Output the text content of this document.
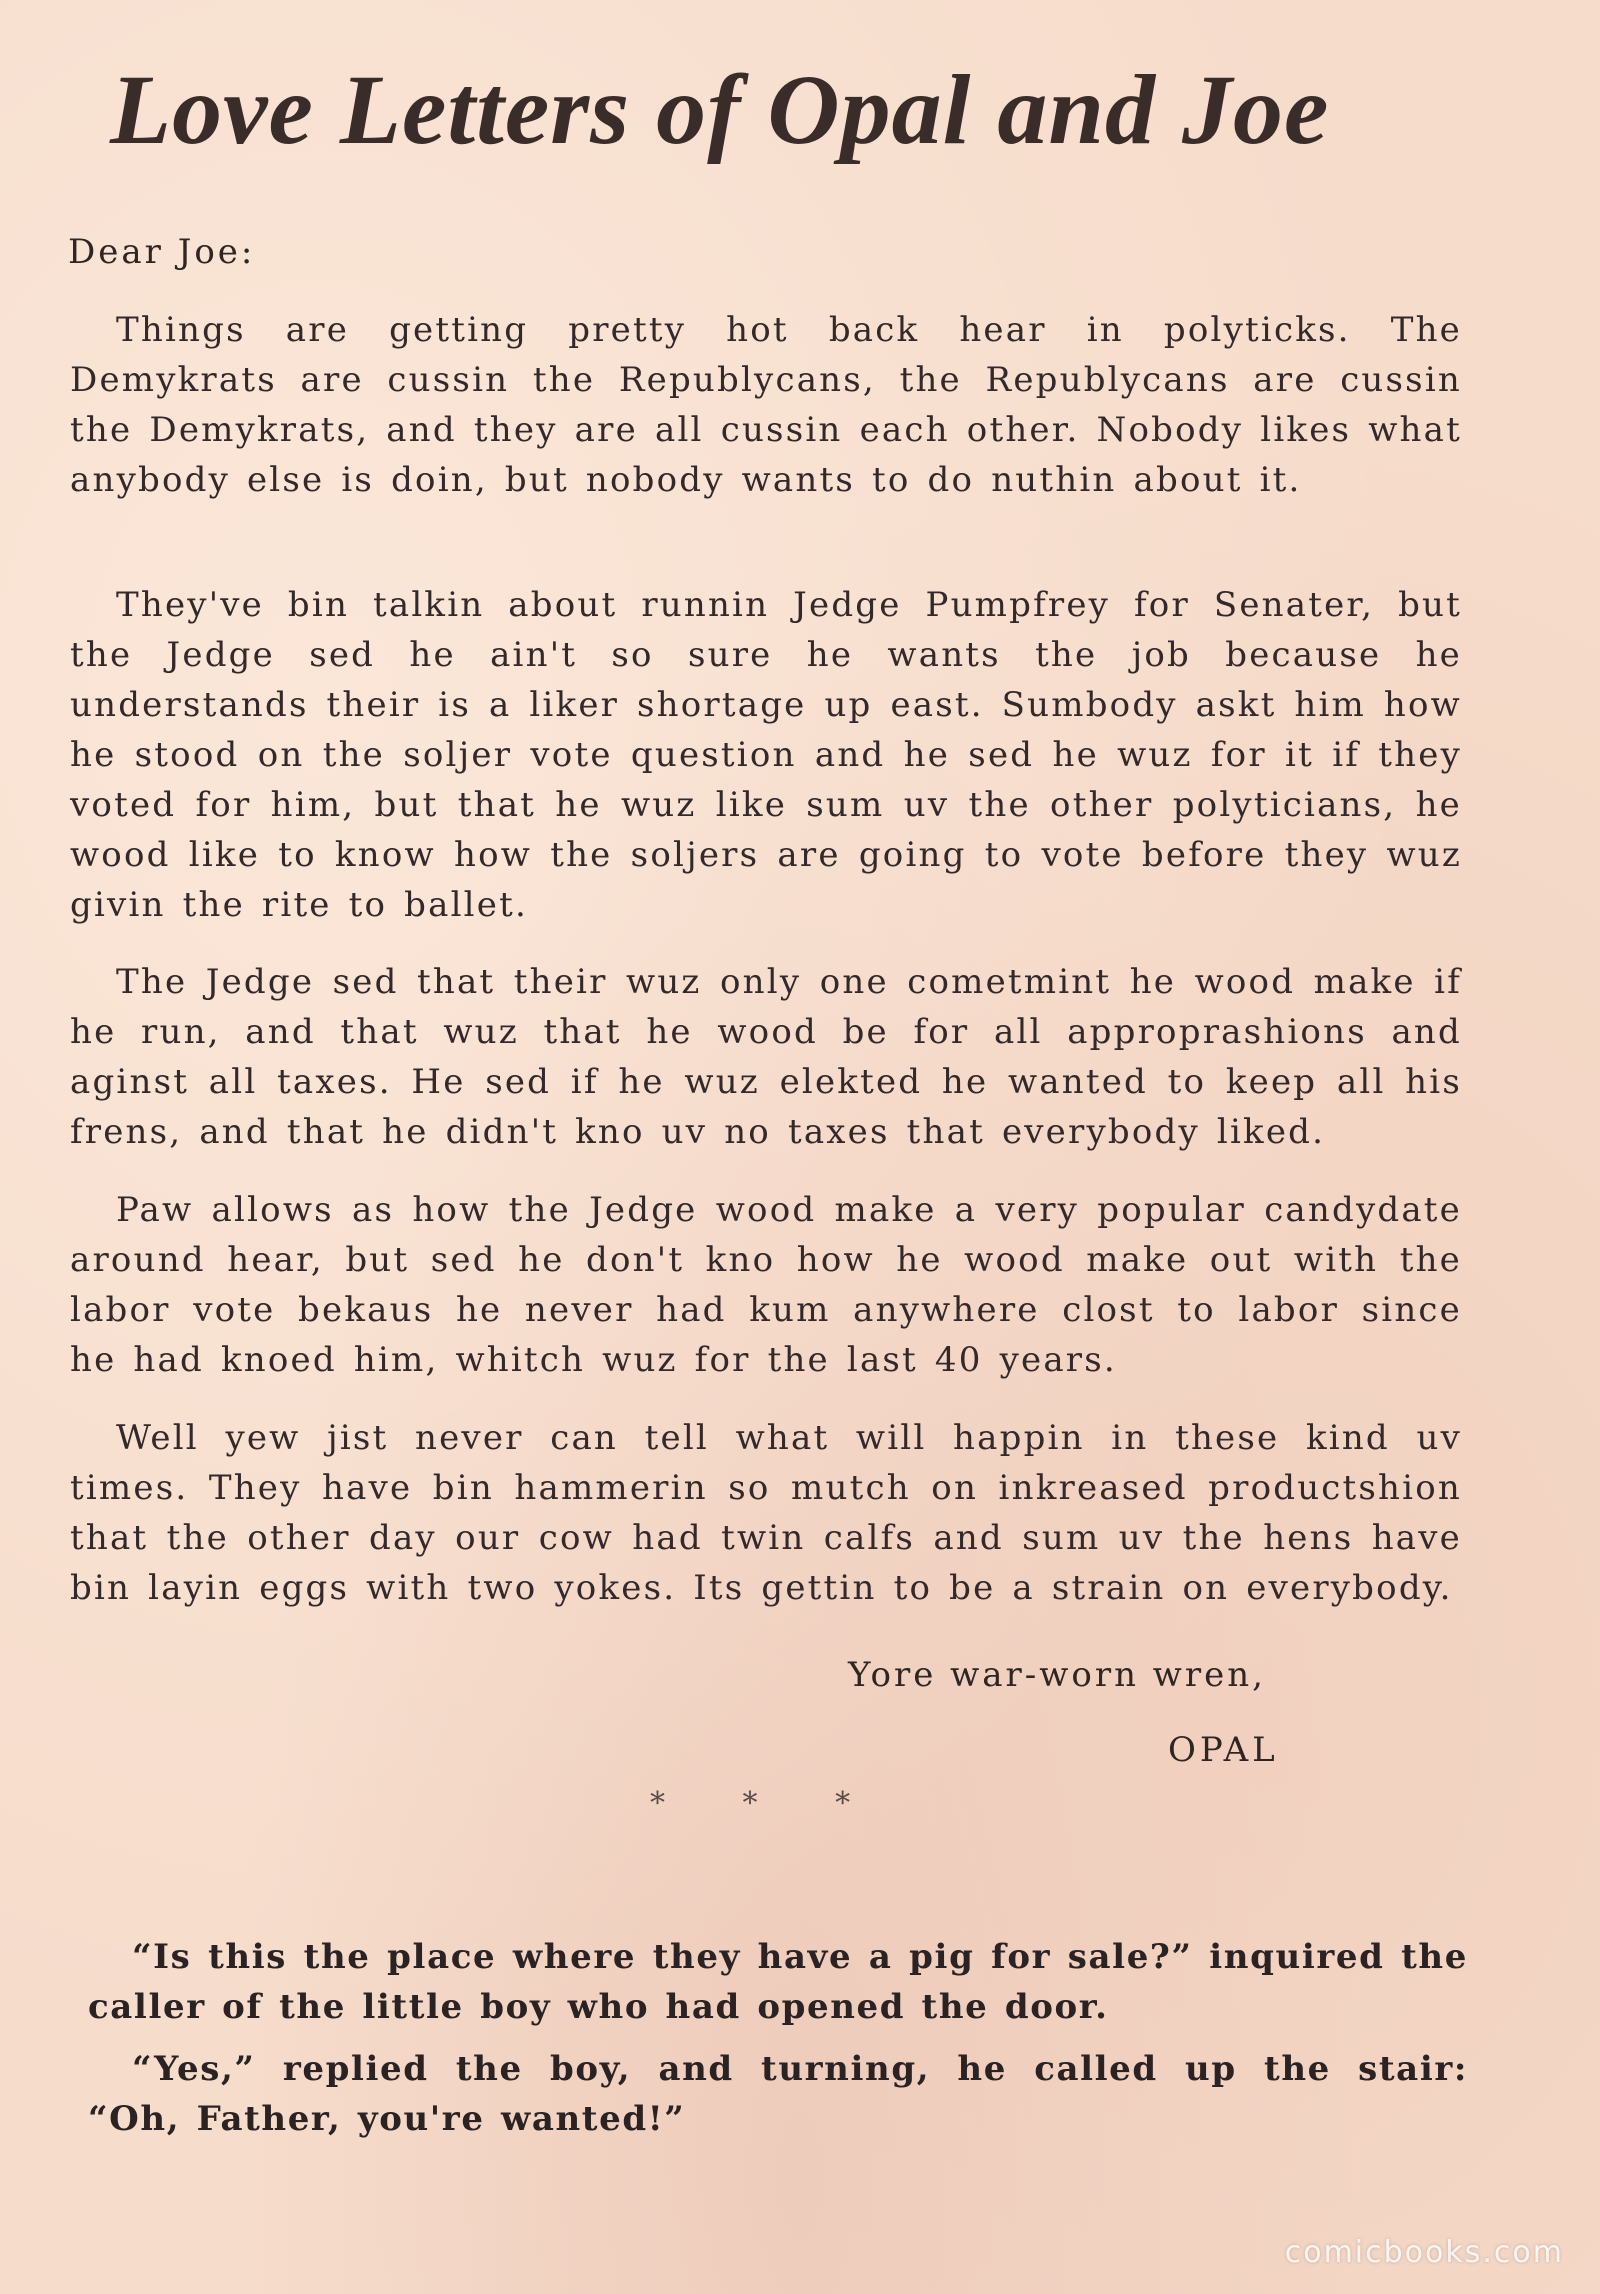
Love Letters of Opal and Joe

Dear Joe:

Things are getting pretty hot back hear in polyticks. The Demykrats are cussin the Republycans, the Republycans are cussin the Demykrats, and they are all cussin each other. Nobody likes what anybody else is doin, but nobody wants to do nuthin about it.

They've bin talkin about runnin Jedge Pumpfrey for Senater, but the Jedge sed he ain't so sure he wants the job because he understands their is a liker shortage up east. Sumbody askt him how he stood on the soljer vote question and he sed he wuz for it if they voted for him, but that he wuz like sum uv the other polyticians, he wood like to know how the soljers are going to vote before they wuz givin the rite to ballet.

The Jedge sed that their wuz only one cometmint he wood make if he run, and that wuz that he wood be for all approprashions and aginst all taxes. He sed if he wuz elekted he wanted to keep all his frens, and that he didn't kno uv no taxes that everybody liked.

Paw allows as how the Jedge wood make a very popular candydate around hear, but sed he don't kno how he wood make out with the labor vote bekaus he never had kum anywhere clost to labor since he had knoed him, whitch wuz for the last 40 years.

Well yew jist never can tell what will happin in these kind uv times. They have bin hammerin so mutch on inkreased productshion that the other day our cow had twin calfs and sum uv the hens have bin layin eggs with two yokes. Its gettin to be a strain on everybody.

Yore war-worn wren,

OPAL

* * *

“Is this the place where they have a pig for sale?” inquired the caller of the little boy who had opened the door.

“Yes,” replied the boy, and turning, he called up the stair: “Oh, Father, you're wanted!”

comicbooks.com
